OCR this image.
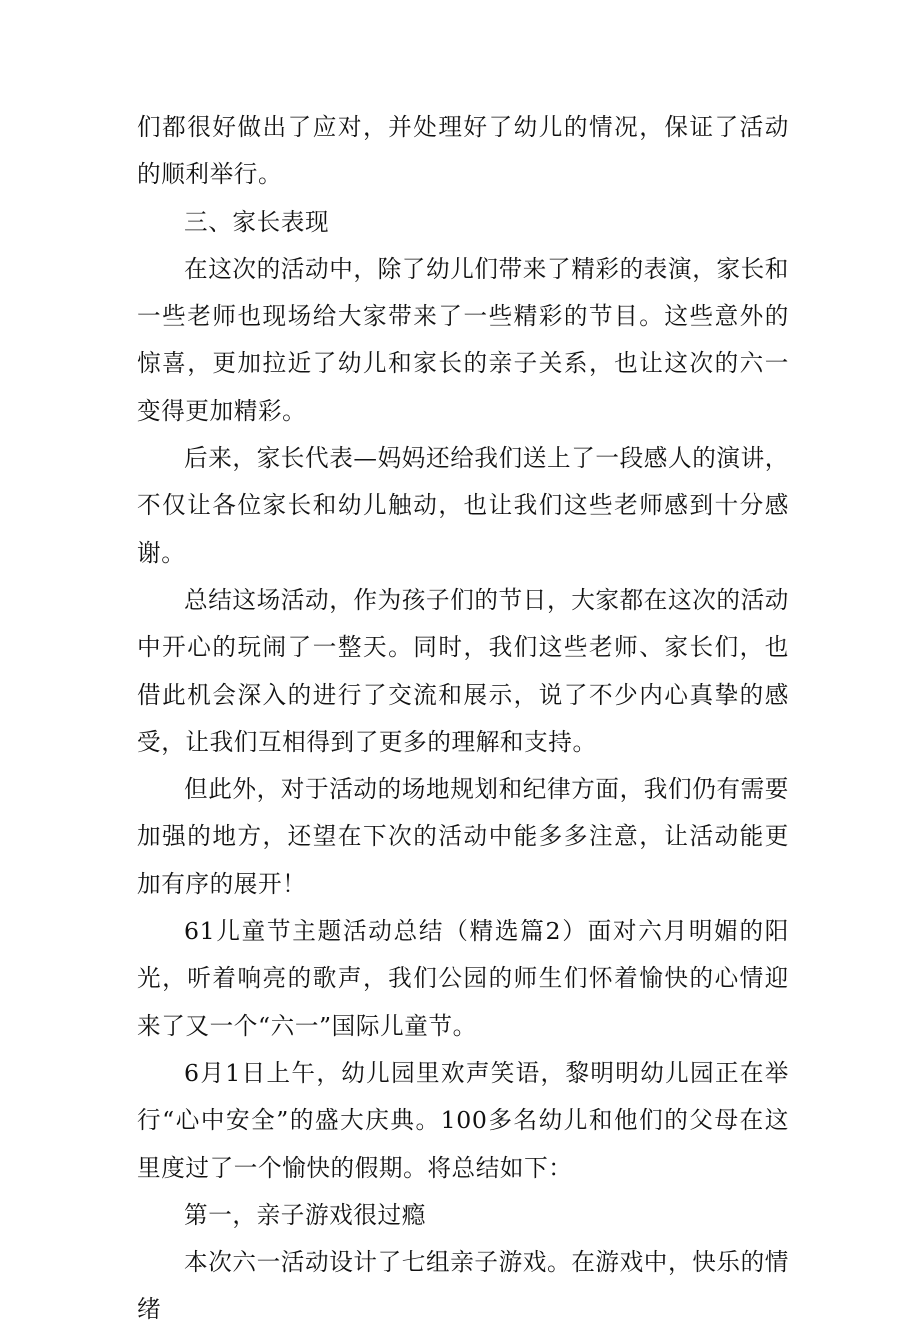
们都很好做出了应对，并处理好了幼儿的情况，保证了活动的顺利举行。

三、家长表现

在这次的活动中，除了幼儿们带来了精彩的表演，家长和一些老师也现场给大家带来了一些精彩的节目。这些意外的惊喜，更加拉近了幼儿和家长的亲子关系，也让这次的六一变得更加精彩。

后来，家长代表—妈妈还给我们送上了一段感人的演讲，不仅让各位家长和幼儿触动，也让我们这些老师感到十分感谢。

总结这场活动，作为孩子们的节日，大家都在这次的活动中开心的玩闹了一整天。同时，我们这些老师、家长们，也借此机会深入的进行了交流和展示，说了不少内心真挚的感受，让我们互相得到了更多的理解和支持。

但此外，对于活动的场地规划和纪律方面，我们仍有需要加强的地方，还望在下次的活动中能多多注意，让活动能更加有序的展开！

61儿童节主题活动总结（精选篇2）面对六月明媚的阳光，听着响亮的歌声，我们公园的师生们怀着愉快的心情迎来了又一个“六一”国际儿童节。

6月1日上午，幼儿园里欢声笑语，黎明明幼儿园正在举行“心中安全”的盛大庆典。100多名幼儿和他们的父母在这里度过了一个愉快的假期。将总结如下：

第一，亲子游戏很过瘾

本次六一活动设计了七组亲子游戏。在游戏中，快乐的情绪
